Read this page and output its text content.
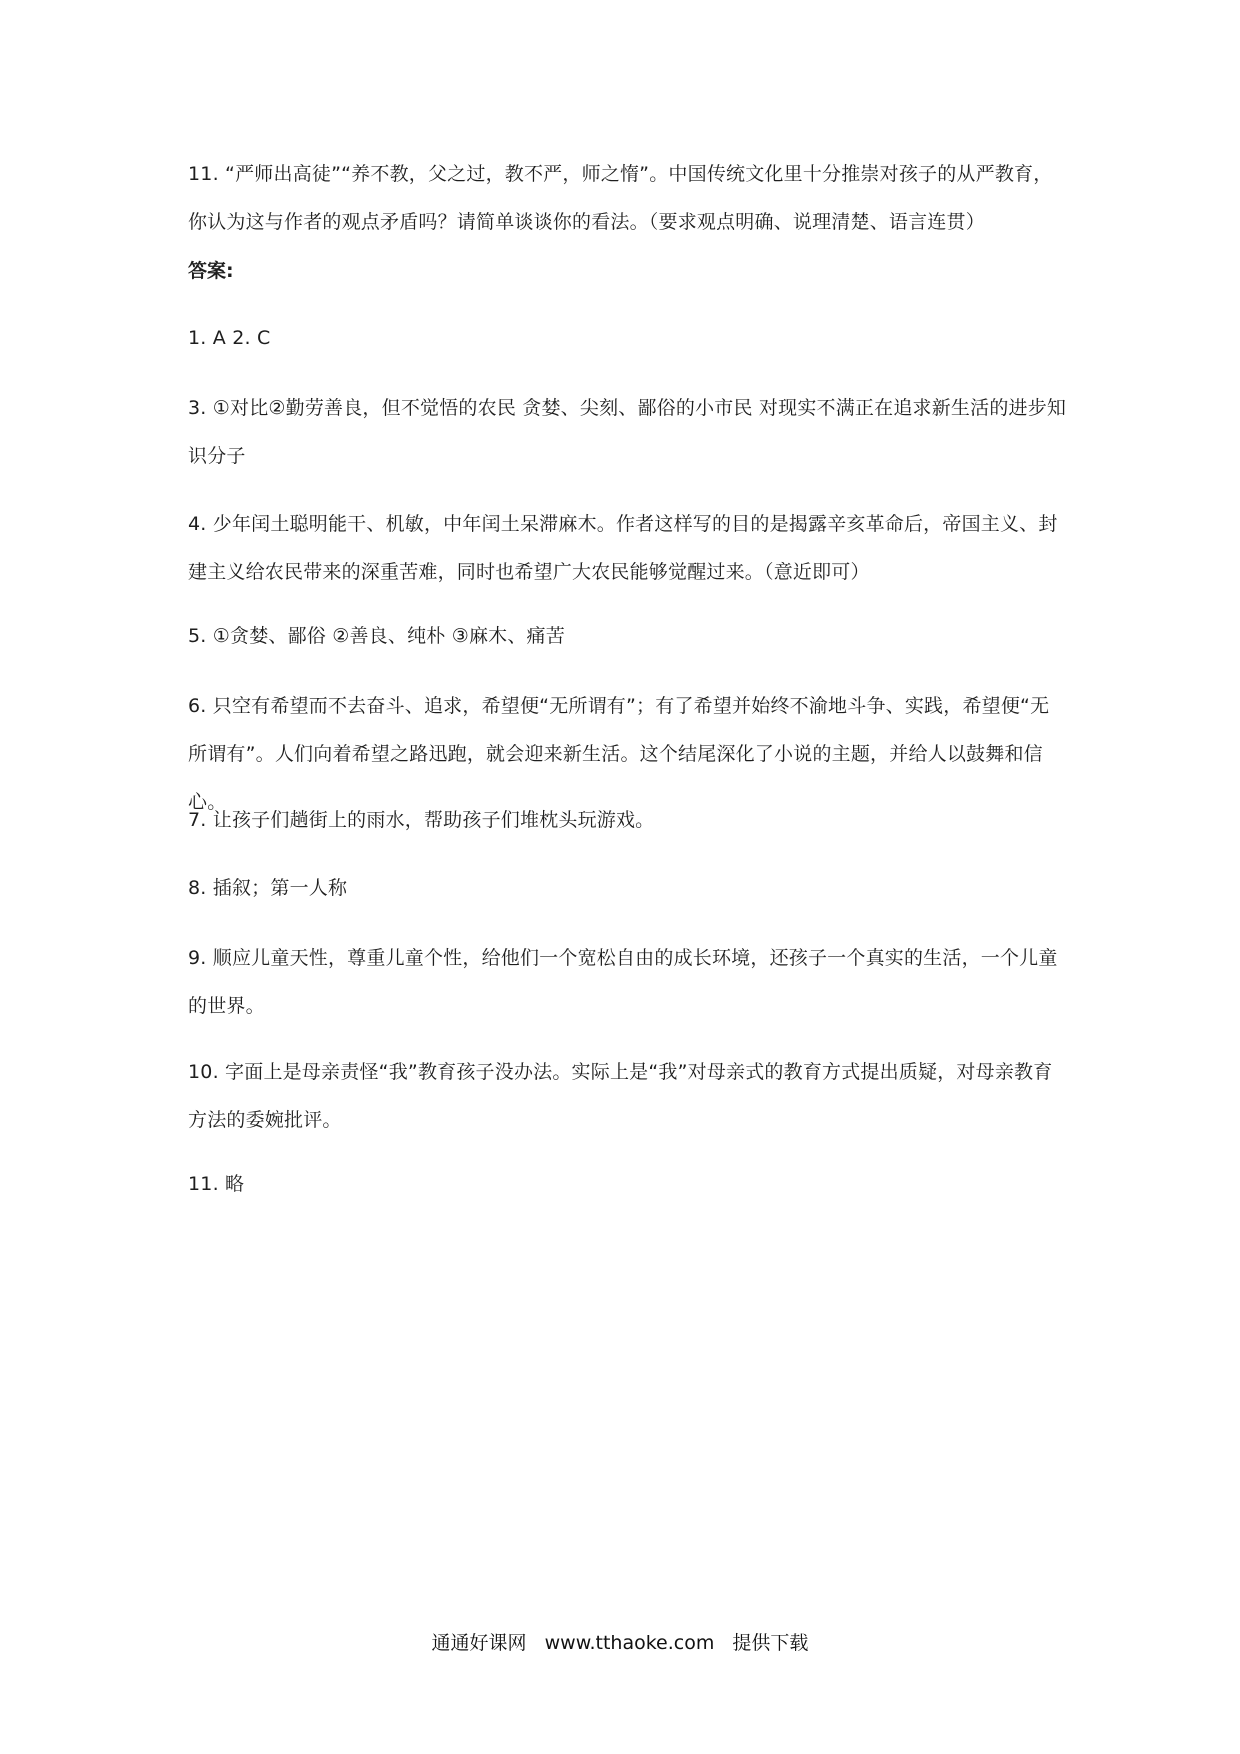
11. “严师出高徒”“养不教，父之过，教不严，师之惰”。中国传统文化里十分推崇对孩子的从严教育，你认为这与作者的观点矛盾吗？请简单谈谈你的看法。（要求观点明确、说理清楚、语言连贯）
答案:
1. A 2. C
3. ①对比②勤劳善良，但不觉悟的农民 贪婪、尖刻、鄙俗的小市民 对现实不满正在追求新生活的进步知识分子
4. 少年闰土聪明能干、机敏，中年闰土呆滞麻木。作者这样写的目的是揭露辛亥革命后，帝国主义、封建主义给农民带来的深重苦难，同时也希望广大农民能够觉醒过来。（意近即可）
5. ①贪婪、鄙俗 ②善良、纯朴 ③麻木、痛苦
6. 只空有希望而不去奋斗、追求，希望便“无所谓有”；有了希望并始终不渝地斗争、实践，希望便“无所谓有”。人们向着希望之路迅跑，就会迎来新生活。这个结尾深化了小说的主题，并给人以鼓舞和信心。
7. 让孩子们趟街上的雨水，帮助孩子们堆枕头玩游戏。
8. 插叙；第一人称
9. 顺应儿童天性，尊重儿童个性，给他们一个宽松自由的成长环境，还孩子一个真实的生活，一个儿童的世界。
10. 字面上是母亲责怪“我”教育孩子没办法。实际上是“我”对母亲式的教育方式提出质疑，对母亲教育方法的委婉批评。
11. 略
通通好课网 www.tthaoke.com 提供下载
